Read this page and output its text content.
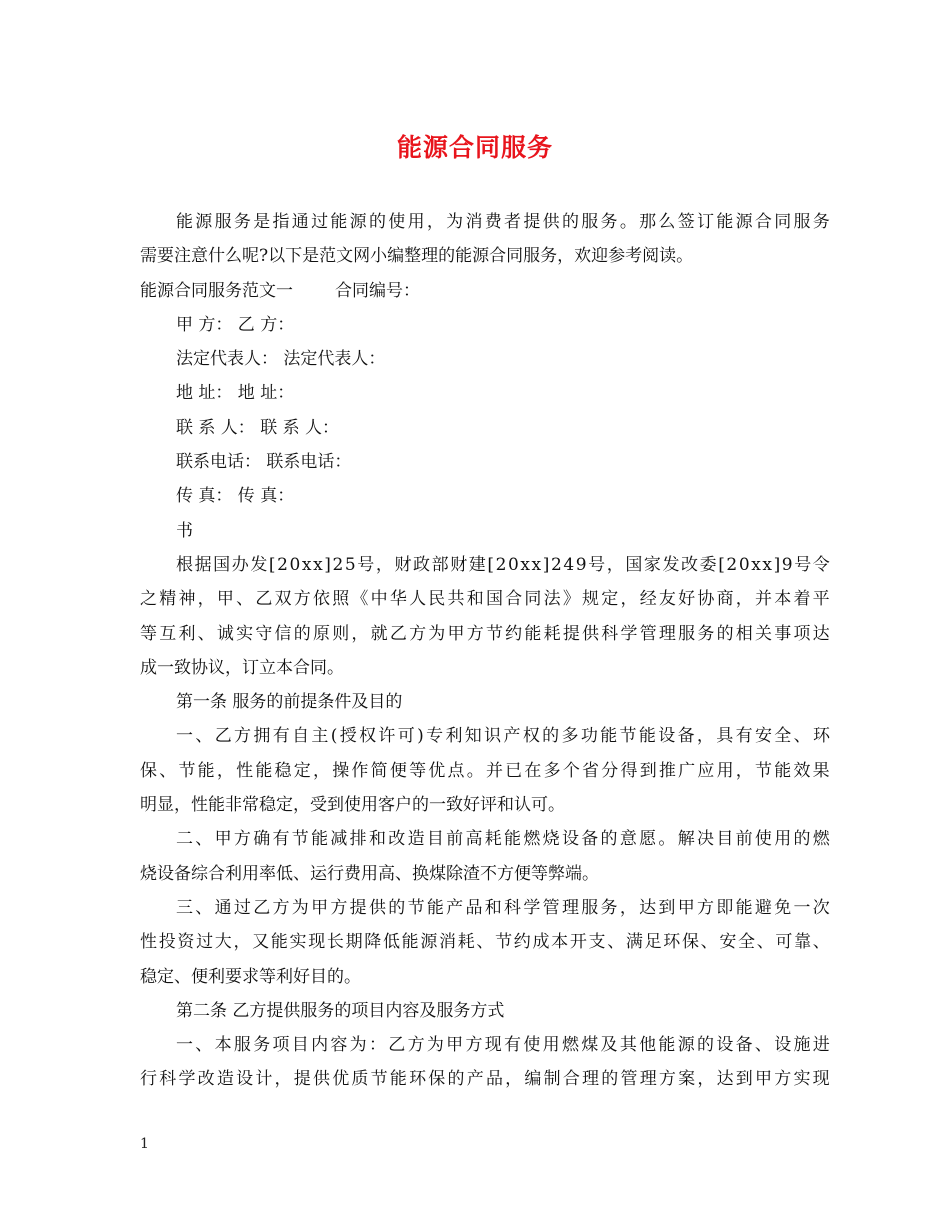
能源合同服务
能 源 服 务 是 指 通 过 能 源 的 使 用 ， 为 消 费 者 提 供 的 服 务 。 那 么 签 订 能 源 合 同 服 务
需要注意什么呢?以下是范文网小编整理的能源合同服务，欢迎参考阅读。
能源合同服务范文一 合同编号：
甲 方： 乙 方：
法定代表人： 法定代表人：
地 址： 地 址：
联 系 人： 联 系 人：
联系电话： 联系电话：
传 真： 传 真：
书
根 据 国 办 发 [ 2 0 x x ] 2 5 号 ， 财 政 部 财 建 [ 2 0 x x ] 2 4 9 号 ， 国 家 发 改 委 [ 2 0 x x ] 9 号 令
之 精 神 ， 甲 、 乙 双 方 依 照 《 中 华 人 民 共 和 国 合 同 法 》 规 定 ， 经 友 好 协 商 ， 并 本 着 平
等 互 利 、 诚 实 守 信 的 原 则 ， 就 乙 方 为 甲 方 节 约 能 耗 提 供 科 学 管 理 服 务 的 相 关 事 项 达
成一致协议，订立本合同。
第一条 服务的前提条件及目的
一 、 乙 方 拥 有 自 主 ( 授 权 许 可 ) 专 利 知 识 产 权 的 多 功 能 节 能 设 备 ， 具 有 安 全 、 环
保 、 节 能 ， 性 能 稳 定 ， 操 作 简 便 等 优 点 。 并 已 在 多 个 省 分 得 到 推 广 应 用 ， 节 能 效 果
明显，性能非常稳定，受到使用客户的一致好评和认可。
二 、 甲 方 确 有 节 能 减 排 和 改 造 目 前 高 耗 能 燃 烧 设 备 的 意 愿 。 解 决 目 前 使 用 的 燃
烧设备综合利用率低、运行费用高、换煤除渣不方便等弊端。
三 、 通 过 乙 方 为 甲 方 提 供 的 节 能 产 品 和 科 学 管 理 服 务 ， 达 到 甲 方 即 能 避 免 一 次
性 投 资 过 大 ， 又 能 实 现 长 期 降 低 能 源 消 耗 、 节 约 成 本 开 支 、 满 足 环 保 、 安 全 、 可 靠 、
稳定、便利要求等利好目的。
第二条 乙方提供服务的项目内容及服务方式
一 、 本 服 务 项 目 内 容 为 ： 乙 方 为 甲 方 现 有 使 用 燃 煤 及 其 他 能 源 的 设 备 、 设 施 进
行 科 学 改 造 设 计 ， 提 供 优 质 节 能 环 保 的 产 品 ， 编 制 合 理 的 管 理 方 案 ， 达 到 甲 方 实 现
1
